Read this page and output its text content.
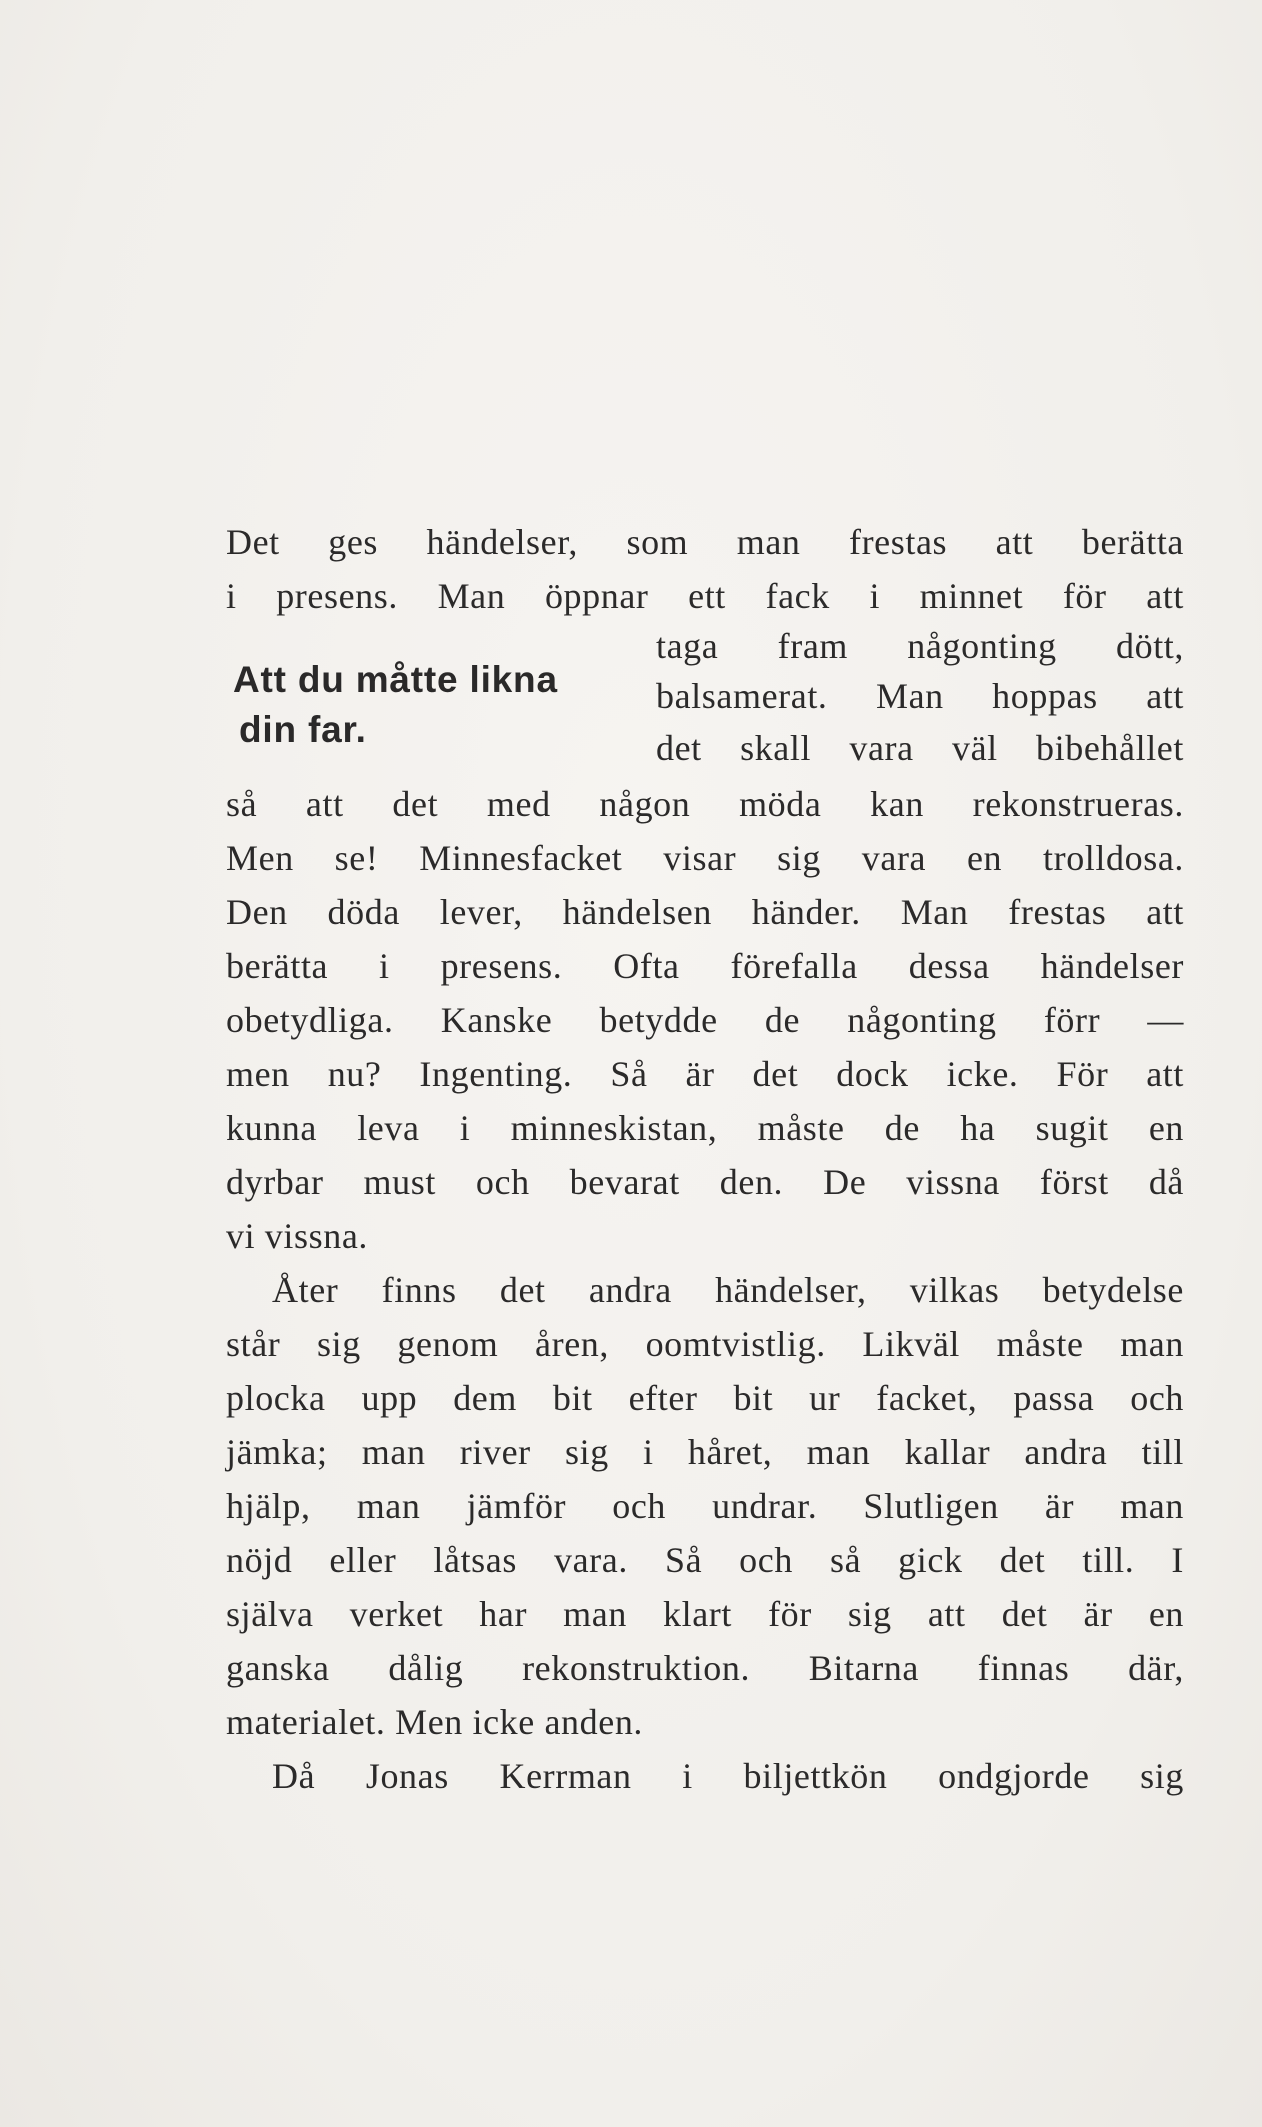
Att du måtte likna
din far.
Det ges händelser, som man frestas att berätta
i presens. Man öppnar ett fack i minnet för att
taga fram någonting dött,
balsamerat. Man hoppas att
det skall vara väl bibehållet
så att det med någon möda kan rekonstrueras.
Men se! Minnesfacket visar sig vara en trolldosa.
Den döda lever, händelsen händer. Man frestas att
berätta i presens. Ofta förefalla dessa händelser
obetydliga. Kanske betydde de någonting förr —
men nu? Ingenting. Så är det dock icke. För att
kunna leva i minneskistan, måste de ha sugit en
dyrbar must och bevarat den. De vissna först då
vi vissna.
Åter finns det andra händelser, vilkas betydelse
står sig genom åren, oomtvistlig. Likväl måste man
plocka upp dem bit efter bit ur facket, passa och
jämka; man river sig i håret, man kallar andra till
hjälp, man jämför och undrar. Slutligen är man
nöjd eller låtsas vara. Så och så gick det till. I
själva verket har man klart för sig att det är en
ganska dålig rekonstruktion. Bitarna finnas där,
materialet. Men icke anden.
Då Jonas Kerrman i biljettkön ondgjorde sig
